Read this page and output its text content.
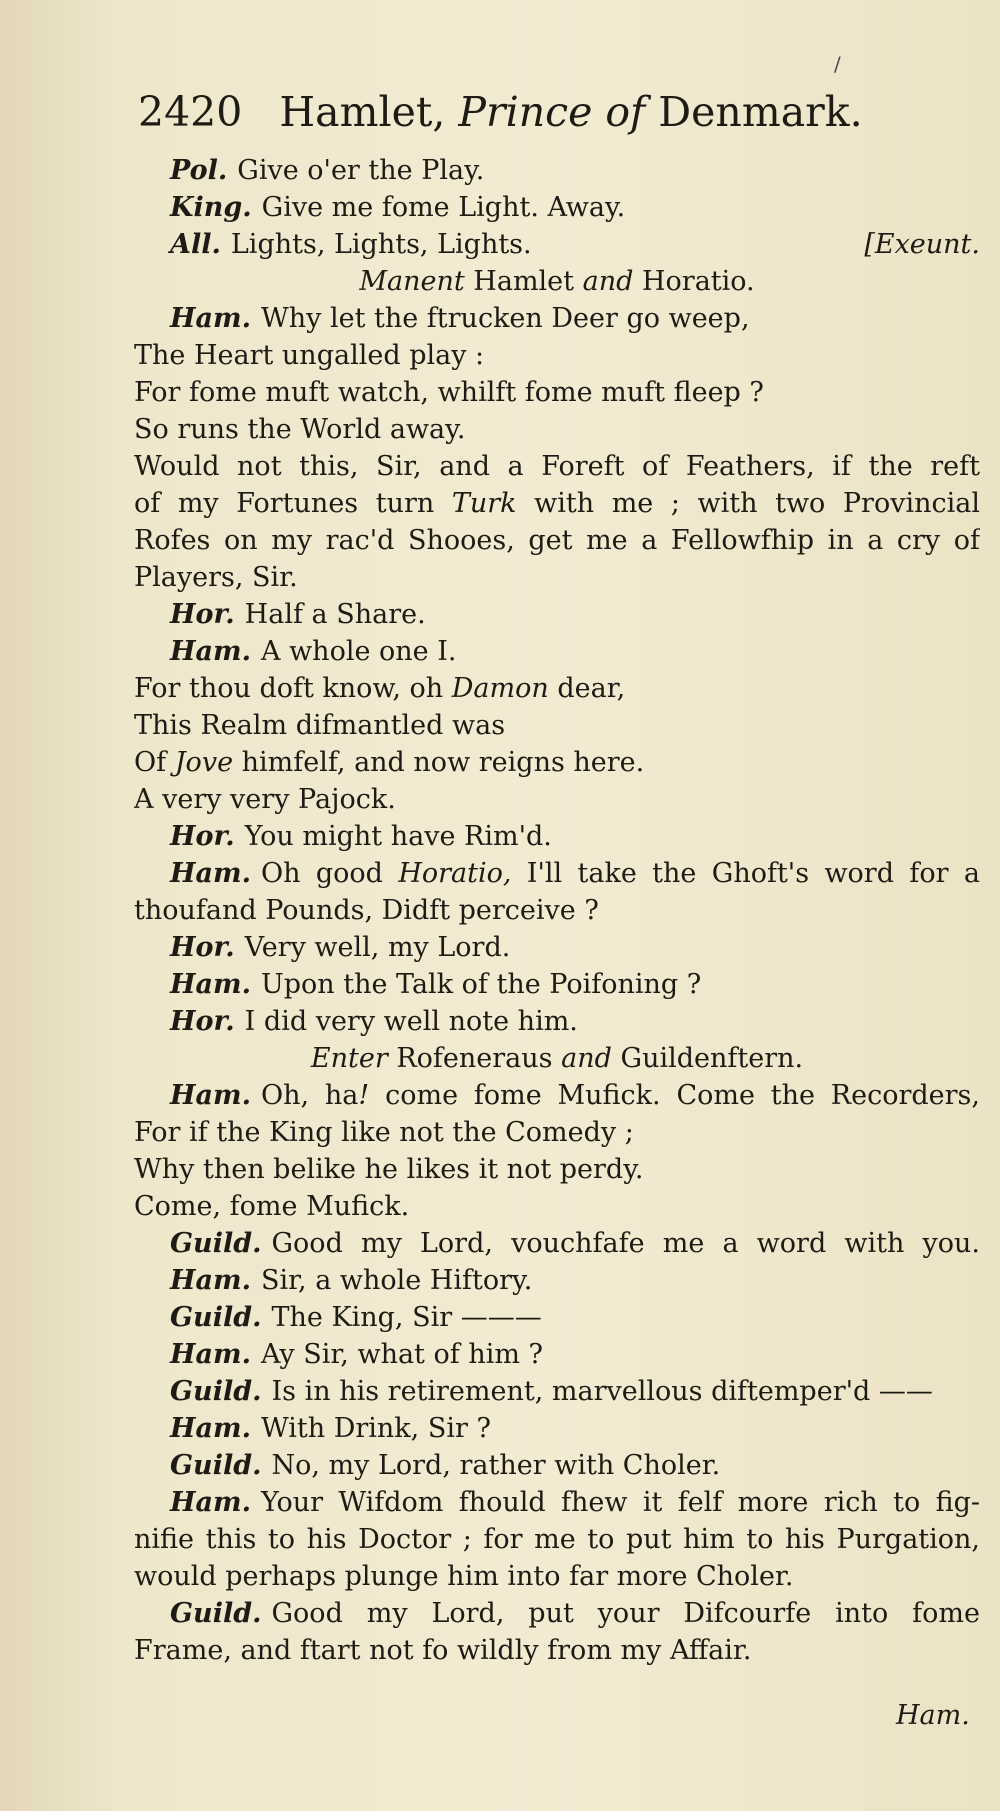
/
2420 Hamlet, Prince of Denmark.
Pol. Give o'er the Play.
King. Give me fome Light. Away.
All. Lights, Lights, Lights.	[Exeunt.
Manent Hamlet and Horatio.
Ham. Why let the ftrucken Deer go weep,
The Heart ungalled play :
For fome muft watch, whilft fome muft fleep ?
So runs the World away.
Would not this, Sir, and a Foreft of Feathers, if the reft
of my Fortunes turn Turk with me ; with two Provincial
Rofes on my rac'd Shooes, get me a Fellowfhip in a cry of
Players, Sir.
Hor. Half a Share.
Ham. A whole one I.
For thou doft know, oh Damon dear,
This Realm difmantled was
Of Jove himfelf, and now reigns here.
A very very Pajock.
Hor. You might have Rim'd.
Ham. Oh good Horatio, I'll take the Ghoft's word for a
thoufand Pounds, Didft perceive ?
Hor. Very well, my Lord.
Ham. Upon the Talk of the Poifoning ?
Hor. I did very well note him.
Enter Rofeneraus and Guildenftern.
Ham. Oh, ha! come fome Mufick. Come the Recorders,
For if the King like not the Comedy ;
Why then belike he likes it not perdy.
Come, fome Mufick.
Guild. Good my Lord, vouchfafe me a word with you.
Ham. Sir, a whole Hiftory.
Guild. The King, Sir ———
Ham. Ay Sir, what of him ?
Guild. Is in his retirement, marvellous diftemper'd ——
Ham. With Drink, Sir ?
Guild. No, my Lord, rather with Choler.
Ham. Your Wifdom fhould fhew it felf more rich to fig-
nifie this to his Doctor ; for me to put him to his Purgation,
would perhaps plunge him into far more Choler.
Guild. Good my Lord, put your Difcourfe into fome
Frame, and ftart not fo wildly from my Affair.
Ham.
